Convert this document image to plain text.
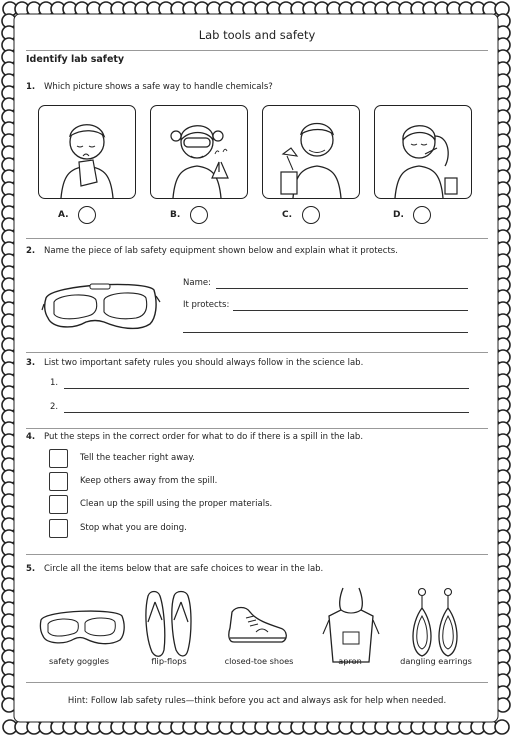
Lab tools and safety
Identify lab safety
1. Which picture shows a safe way to handle chemicals?
A.	B.	C.	D.
2. Name the piece of lab safety equipment shown below and explain what it protects.
Name:
It protects:
3. List two important safety rules you should always follow in the science lab.
1.
2.
4. Put the steps in the correct order for what to do if there is a spill in the lab.
Tell the teacher right away.
Keep others away from the spill.
Clean up the spill using the proper materials.
Stop what you are doing.
5. Circle all the items below that are safe choices to wear in the lab.
safety goggles	flip-flops	closed-toe shoes	apron	dangling earrings
Hint: Follow lab safety rules—think before you act and always ask for help when needed.
